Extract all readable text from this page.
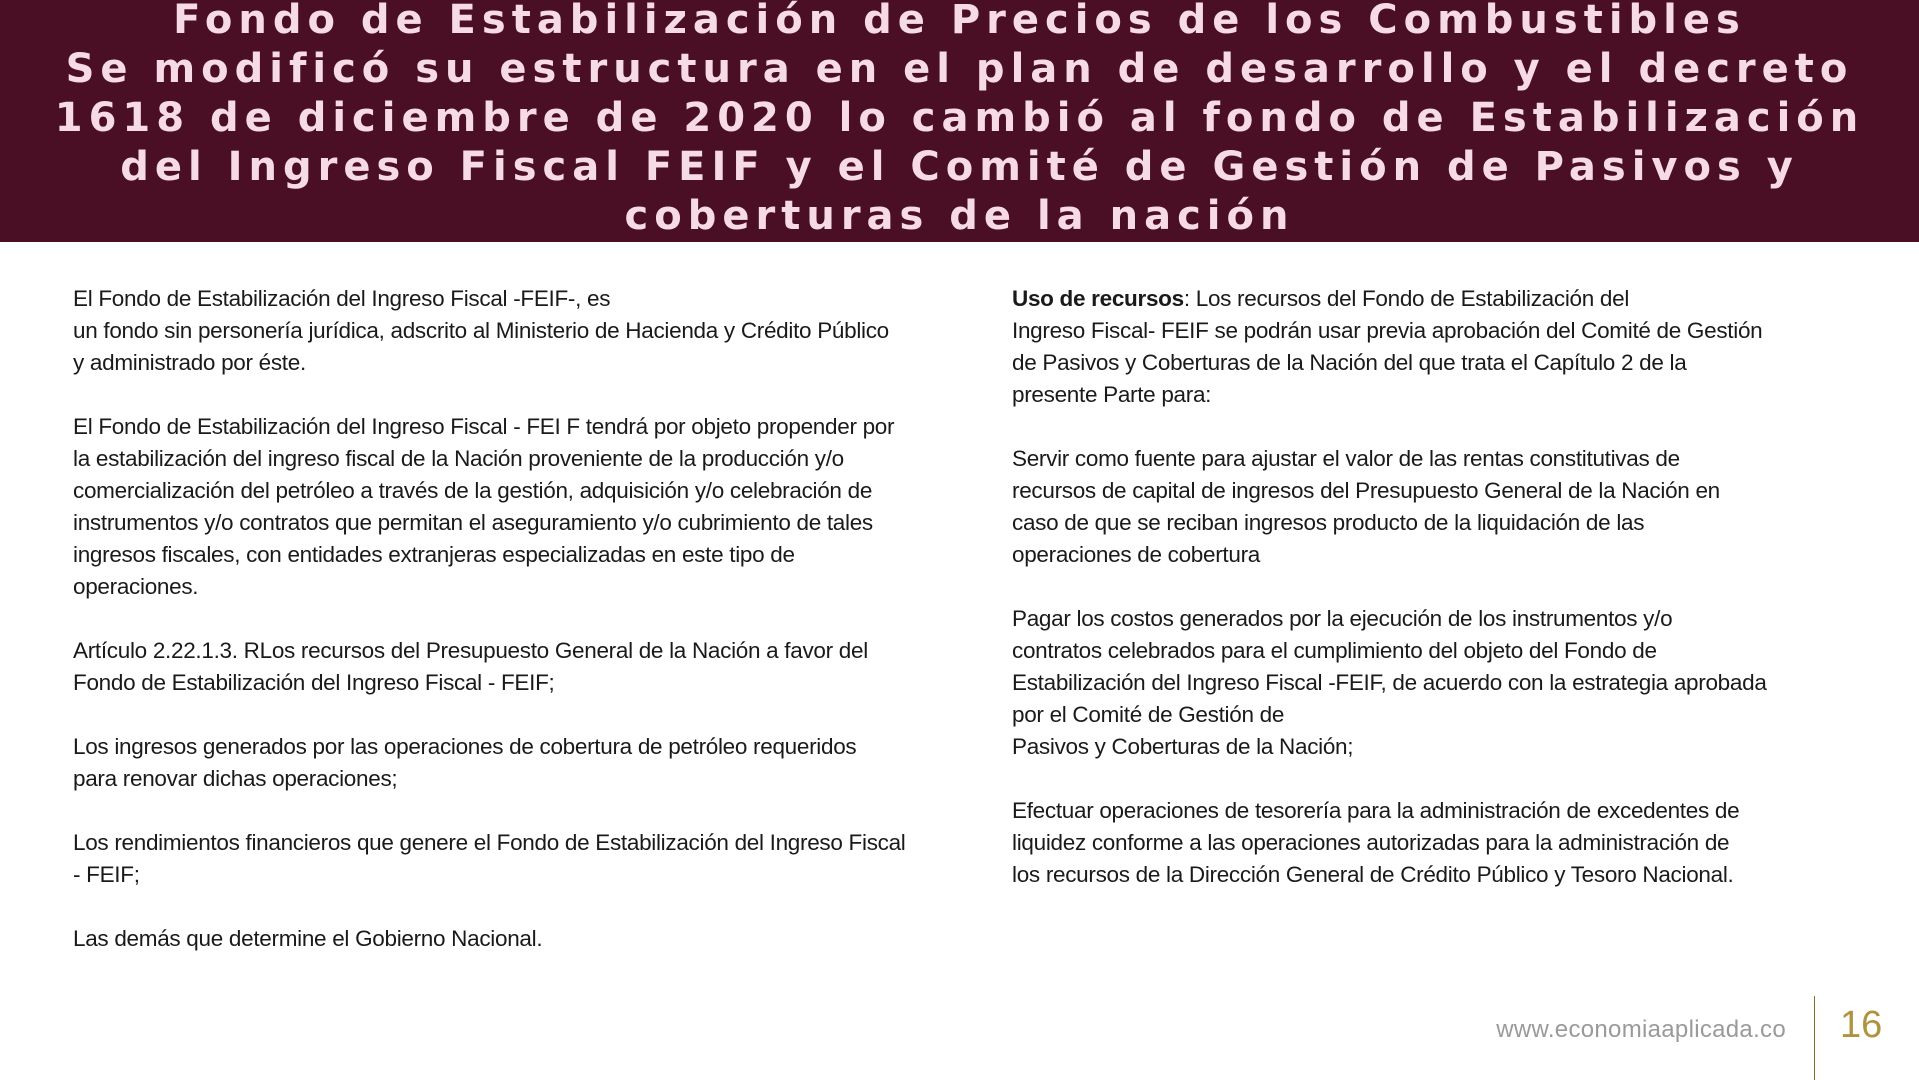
Fondo de Estabilización de Precios de los Combustibles
Se modificó su estructura en el plan de desarrollo y el decreto
1618 de diciembre de 2020 lo cambió al fondo de Estabilización
del Ingreso Fiscal FEIF y el Comité de Gestión de Pasivos y
coberturas de la nación
El Fondo de Estabilización del Ingreso Fiscal -FEIF-, es
un fondo sin personería jurídica, adscrito al Ministerio de Hacienda y Crédito Público
y administrado por éste.
El Fondo de Estabilización del Ingreso Fiscal - FEI F tendrá por objeto propender por
la estabilización del ingreso fiscal de la Nación proveniente de la producción y/o
comercialización del petróleo a través de la gestión, adquisición y/o celebración de
instrumentos y/o contratos que permitan el aseguramiento y/o cubrimiento de tales
ingresos fiscales, con entidades extranjeras especializadas en este tipo de
operaciones.
Artículo 2.22.1.3. RLos recursos del Presupuesto General de la Nación a favor del
Fondo de Estabilización del Ingreso Fiscal - FEIF;
Los ingresos generados por las operaciones de cobertura de petróleo requeridos
para renovar dichas operaciones;
Los rendimientos financieros que genere el Fondo de Estabilización del Ingreso Fiscal
- FEIF;
Las demás que determine el Gobierno Nacional.
Uso de recursos: Los recursos del Fondo de Estabilización del
Ingreso Fiscal- FEIF se podrán usar previa aprobación del Comité de Gestión
de Pasivos y Coberturas de la Nación del que trata el Capítulo 2 de la
presente Parte para:
Servir como fuente para ajustar el valor de las rentas constitutivas de
recursos de capital de ingresos del Presupuesto General de la Nación en
caso de que se reciban ingresos producto de la liquidación de las
operaciones de cobertura
Pagar los costos generados por la ejecución de los instrumentos y/o
contratos celebrados para el cumplimiento del objeto del Fondo de
Estabilización del Ingreso Fiscal -FEIF, de acuerdo con la estrategia aprobada
por el Comité de Gestión de
Pasivos y Coberturas de la Nación;
Efectuar operaciones de tesorería para la administración de excedentes de
liquidez conforme a las operaciones autorizadas para la administración de
los recursos de la Dirección General de Crédito Público y Tesoro Nacional.
www.economiaaplicada.co 16
